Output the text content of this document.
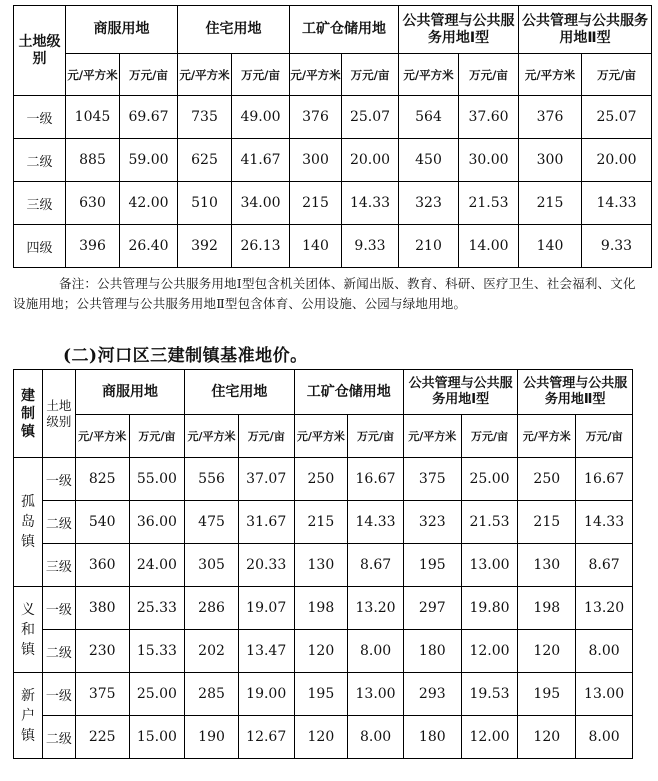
土地级别	商服用地		住宅用地		工矿仓储用地		公共管理与公共服务用地Ⅰ型		公共管理与公共服务用地Ⅱ型	
	元/平方米	万元/亩	元/平方米	万元/亩	元/平方米	万元/亩	元/平方米	万元/亩	元/平方米	万元/亩
一级	1045	69.67	735	49.00	376	25.07	564	37.60	376	25.07
二级	885	59.00	625	41.67	300	20.00	450	30.00	300	20.00
三级	630	42.00	510	34.00	215	14.33	323	21.53	215	14.33
四级	396	26.40	392	26.13	140	9.33	210	14.00	140	9.33
备注：公共管理与公共服务用地Ⅰ型包含机关团体、新闻出版、教育、科研、医疗卫生、社会福利、文化设施用地；公共管理与公共服务用地Ⅱ型包含体育、公用设施、公园与绿地用地。
(二)河口区三建制镇基准地价。
建制镇	土地级别	商服用地		住宅用地		工矿仓储用地		公共管理与公共服务用地Ⅰ型		公共管理与公共服务用地Ⅱ型	
		元/平方米	万元/亩	元/平方米	万元/亩	元/平方米	万元/亩	元/平方米	万元/亩	元/平方米	万元/亩
孤岛镇	一级	825	55.00	556	37.07	250	16.67	375	25.00	250	16.67
	二级	540	36.00	475	31.67	215	14.33	323	21.53	215	14.33
	三级	360	24.00	305	20.33	130	8.67	195	13.00	130	8.67
义和镇	一级	380	25.33	286	19.07	198	13.20	297	19.80	198	13.20
	二级	230	15.33	202	13.47	120	8.00	180	12.00	120	8.00
新户镇	一级	375	25.00	285	19.00	195	13.00	293	19.53	195	13.00
	二级	225	15.00	190	12.67	120	8.00	180	12.00	120	8.00
